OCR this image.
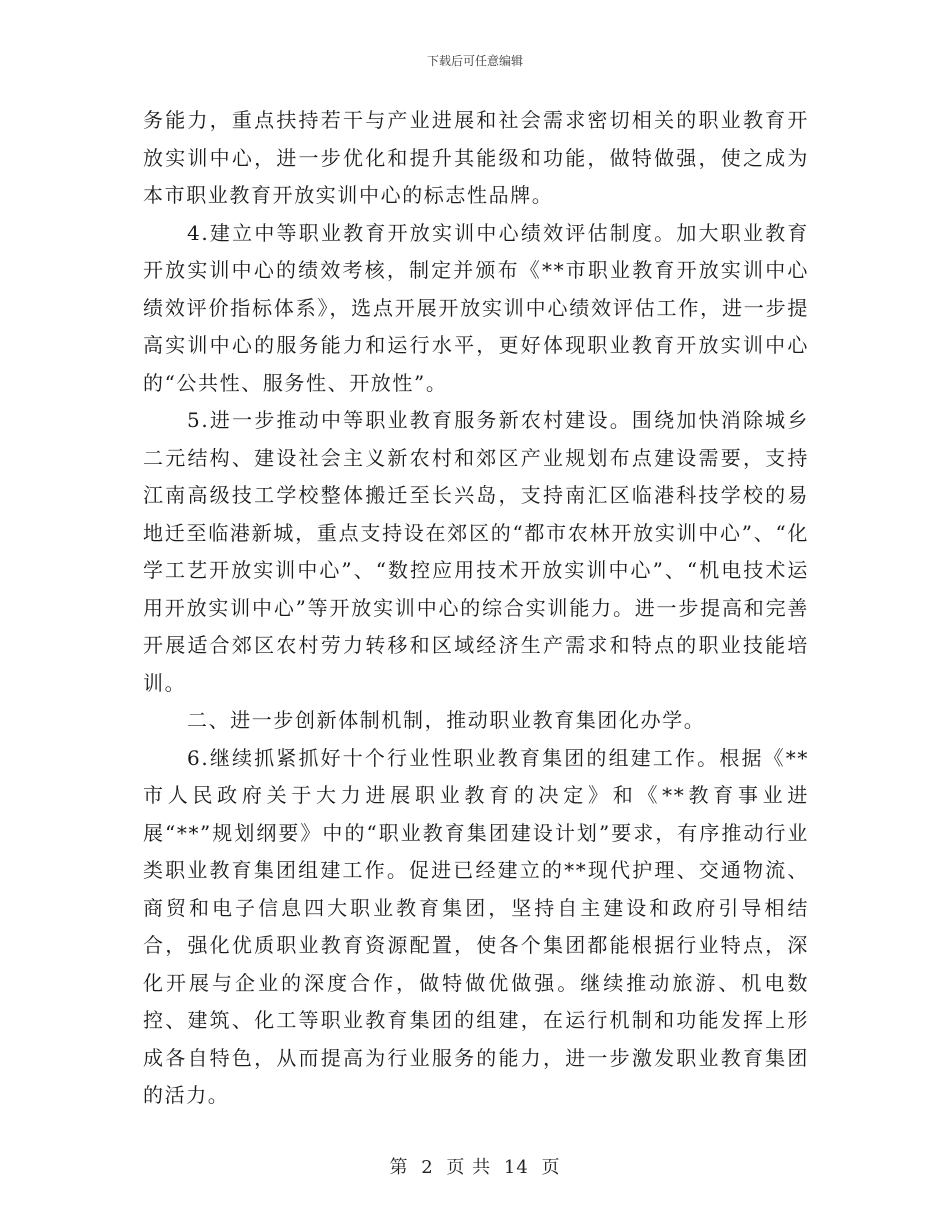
下载后可任意编辑

务能力，重点扶持若干与产业进展和社会需求密切相关的职业教育开放实训中心，进一步优化和提升其能级和功能，做特做强，使之成为本市职业教育开放实训中心的标志性品牌。

4.建立中等职业教育开放实训中心绩效评估制度。加大职业教育开放实训中心的绩效考核，制定并颁布《**市职业教育开放实训中心绩效评价指标体系》，选点开展开放实训中心绩效评估工作，进一步提高实训中心的服务能力和运行水平，更好体现职业教育开放实训中心的“公共性、服务性、开放性”。

5.进一步推动中等职业教育服务新农村建设。围绕加快消除城乡二元结构、建设社会主义新农村和郊区产业规划布点建设需要，支持江南高级技工学校整体搬迁至长兴岛，支持南汇区临港科技学校的易地迁至临港新城，重点支持设在郊区的“都市农林开放实训中心”、“化学工艺开放实训中心”、“数控应用技术开放实训中心”、“机电技术运用开放实训中心”等开放实训中心的综合实训能力。进一步提高和完善开展适合郊区农村劳力转移和区域经济生产需求和特点的职业技能培训。

二、进一步创新体制机制，推动职业教育集团化办学。

6.继续抓紧抓好十个行业性职业教育集团的组建工作。根据《**市人民政府关于大力进展职业教育的决定》和《**教育事业进展“**”规划纲要》中的“职业教育集团建设计划”要求，有序推动行业类职业教育集团组建工作。促进已经建立的**现代护理、交通物流、商贸和电子信息四大职业教育集团，坚持自主建设和政府引导相结合，强化优质职业教育资源配置，使各个集团都能根据行业特点，深化开展与企业的深度合作，做特做优做强。继续推动旅游、机电数控、建筑、化工等职业教育集团的组建，在运行机制和功能发挥上形成各自特色，从而提高为行业服务的能力，进一步激发职业教育集团的活力。

第 2 页 共 14 页
